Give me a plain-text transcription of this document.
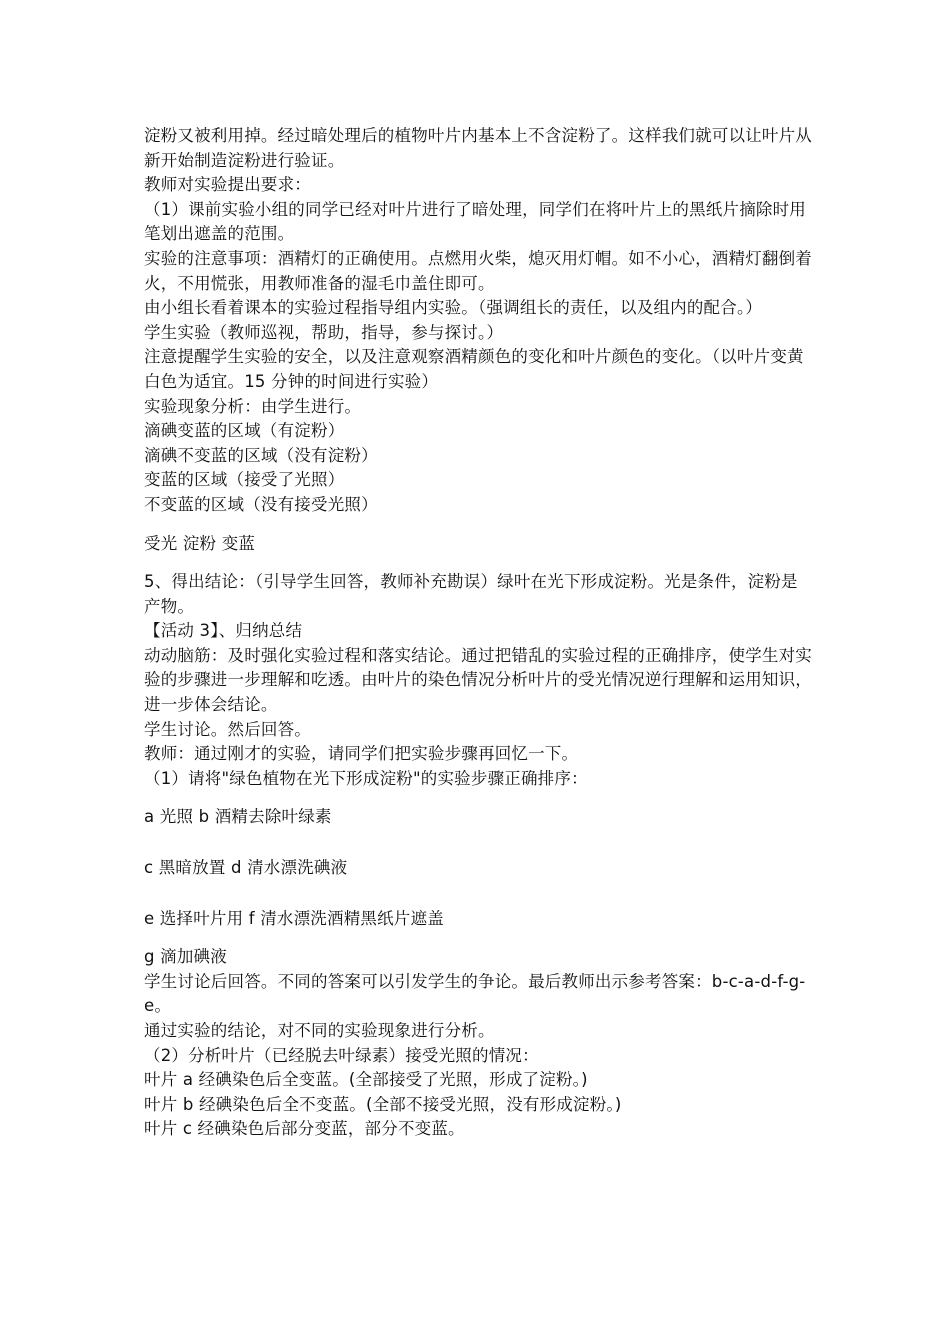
淀粉又被利用掉。经过暗处理后的植物叶片内基本上不含淀粉了。这样我们就可以让叶片从新开始制造淀粉进行验证。

教师对实验提出要求：

（1）课前实验小组的同学已经对叶片进行了暗处理，同学们在将叶片上的黑纸片摘除时用笔划出遮盖的范围。

实验的注意事项：酒精灯的正确使用。点燃用火柴，熄灭用灯帽。如不小心，酒精灯翻倒着火，不用慌张，用教师准备的湿毛巾盖住即可。

由小组长看着课本的实验过程指导组内实验。（强调组长的责任，以及组内的配合。）

学生实验（教师巡视，帮助，指导，参与探讨。）

注意提醒学生实验的安全，以及注意观察酒精颜色的变化和叶片颜色的变化。（以叶片变黄白色为适宜。15 分钟的时间进行实验）

实验现象分析：由学生进行。

滴碘变蓝的区域（有淀粉）

滴碘不变蓝的区域（没有淀粉）

变蓝的区域（接受了光照）

不变蓝的区域（没有接受光照）

受光 淀粉 变蓝

5、得出结论：（引导学生回答，教师补充勘误）绿叶在光下形成淀粉。光是条件，淀粉是产物。

【活动 3】、归纳总结

动动脑筋：及时强化实验过程和落实结论。通过把错乱的实验过程的正确排序，使学生对实验的步骤进一步理解和吃透。由叶片的染色情况分析叶片的受光情况逆行理解和运用知识，进一步体会结论。

学生讨论。然后回答。

教师：通过刚才的实验，请同学们把实验步骤再回忆一下。

（1）请将"绿色植物在光下形成淀粉"的实验步骤正确排序：

a 光照 b 酒精去除叶绿素

c 黑暗放置 d 清水漂洗碘液

e 选择叶片用 f 清水漂洗酒精黑纸片遮盖

g 滴加碘液

学生讨论后回答。不同的答案可以引发学生的争论。最后教师出示参考答案：b-c-a-d-f-g-e。

通过实验的结论，对不同的实验现象进行分析。

（2）分析叶片（已经脱去叶绿素）接受光照的情况：

叶片 a 经碘染色后全变蓝。(全部接受了光照，形成了淀粉。)

叶片 b 经碘染色后全不变蓝。(全部不接受光照，没有形成淀粉。)

叶片 c 经碘染色后部分变蓝，部分不变蓝。
